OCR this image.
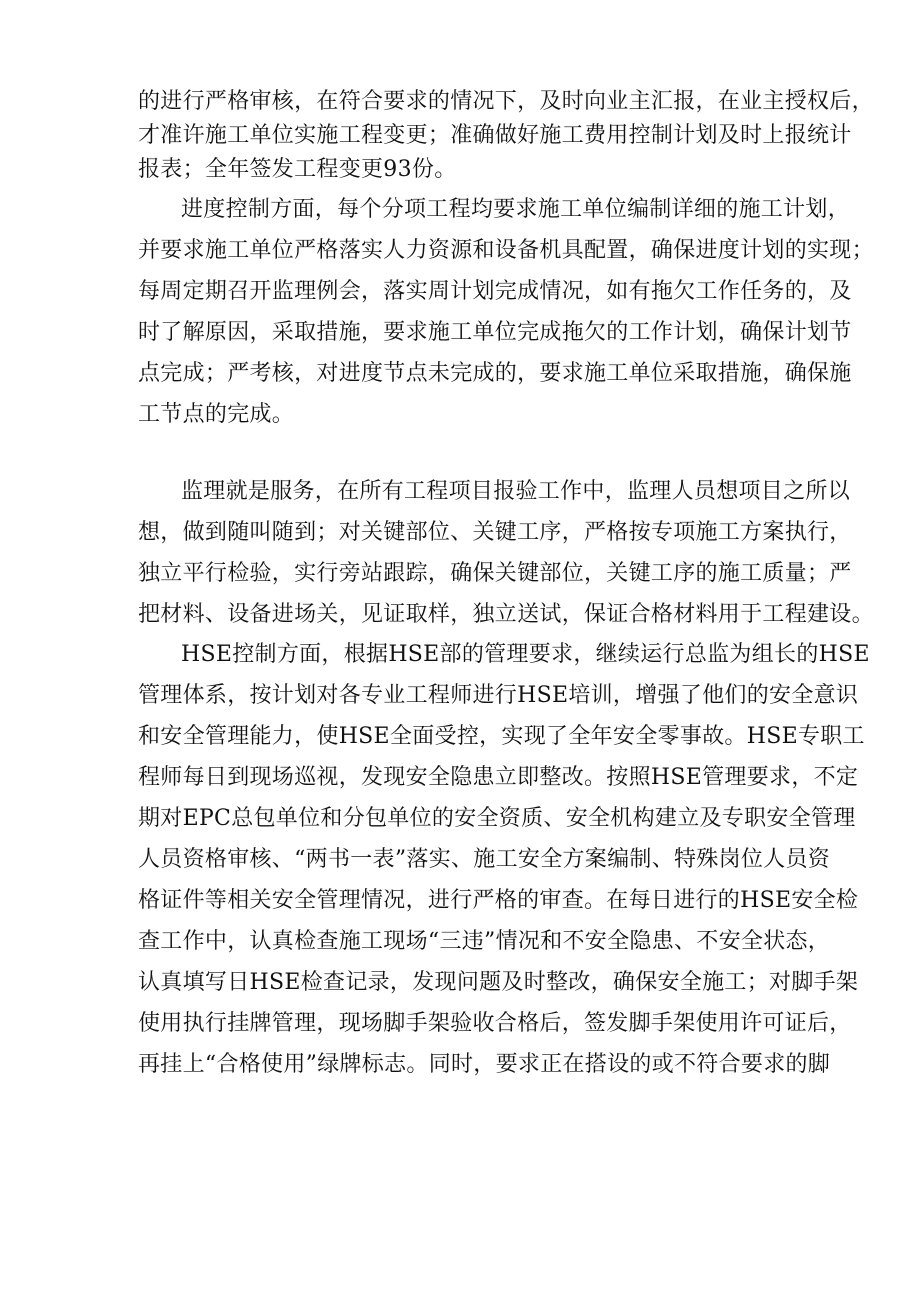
的进行严格审核，在符合要求的情况下，及时向业主汇报，在业主授权后，
才准许施工单位实施工程变更；准确做好施工费用控制计划及时上报统计
报表；全年签发工程变更93份。
进度控制方面，每个分项工程均要求施工单位编制详细的施工计划，
并要求施工单位严格落实人力资源和设备机具配置，确保进度计划的实现；
每周定期召开监理例会，落实周计划完成情况，如有拖欠工作任务的，及
时了解原因，采取措施，要求施工单位完成拖欠的工作计划，确保计划节
点完成；严考核，对进度节点未完成的，要求施工单位采取措施，确保施
工节点的完成。
监理就是服务，在所有工程项目报验工作中，监理人员想项目之所以
想，做到随叫随到；对关键部位、关键工序，严格按专项施工方案执行，
独立平行检验，实行旁站跟踪，确保关键部位，关键工序的施工质量；严
把材料、设备进场关，见证取样，独立送试，保证合格材料用于工程建设。
HSE控制方面，根据HSE部的管理要求，继续运行总监为组长的HSE
管理体系，按计划对各专业工程师进行HSE培训，增强了他们的安全意识
和安全管理能力，使HSE全面受控，实现了全年安全零事故。HSE专职工
程师每日到现场巡视，发现安全隐患立即整改。按照HSE管理要求，不定
期对EPC总包单位和分包单位的安全资质、安全机构建立及专职安全管理
人员资格审核、“两书一表”落实、施工安全方案编制、特殊岗位人员资
格证件等相关安全管理情况，进行严格的审查。在每日进行的HSE安全检
查工作中，认真检查施工现场“三违”情况和不安全隐患、不安全状态，
认真填写日HSE检查记录，发现问题及时整改，确保安全施工；对脚手架
使用执行挂牌管理，现场脚手架验收合格后，签发脚手架使用许可证后，
再挂上“合格使用”绿牌标志。同时，要求正在搭设的或不符合要求的脚
